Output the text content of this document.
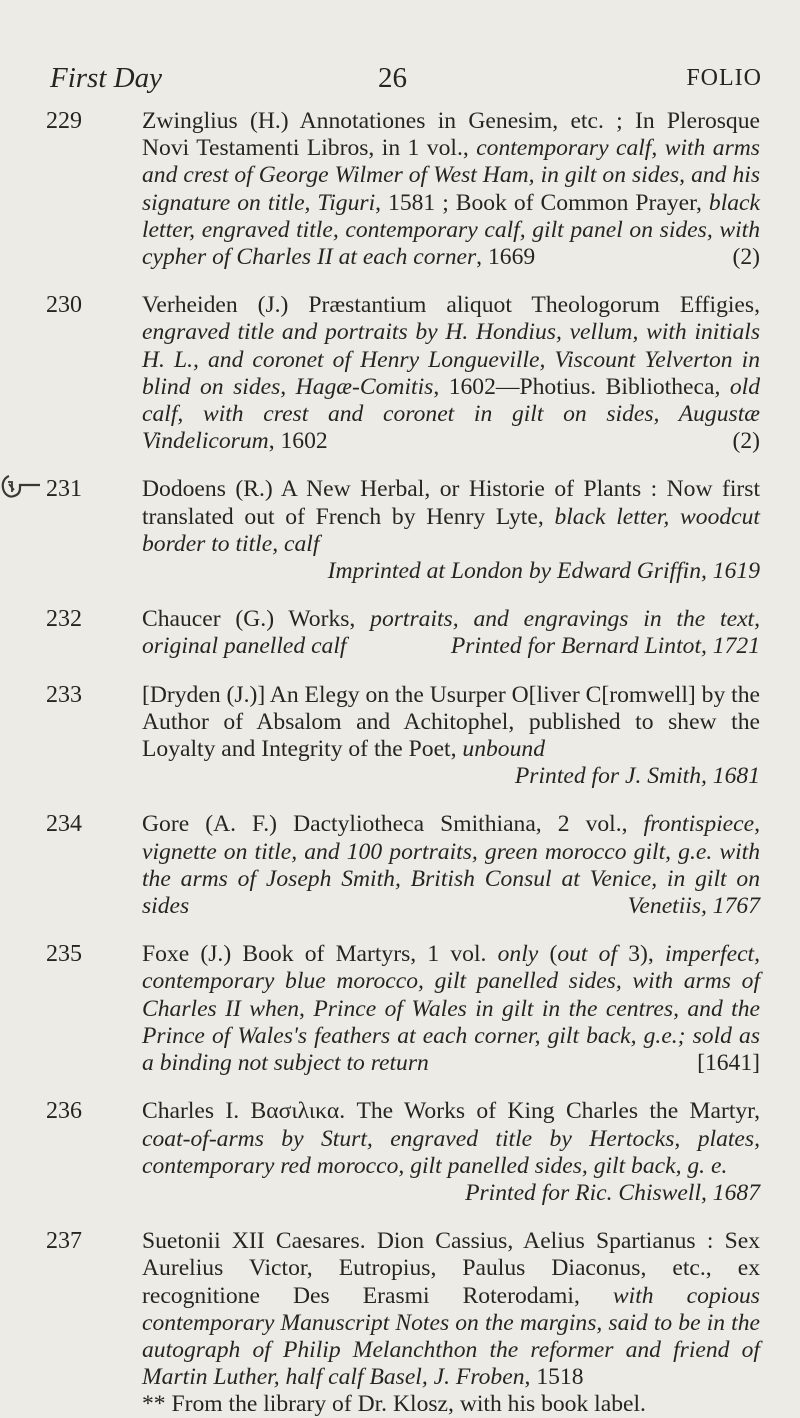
First Day	26	FOLIO
229	Zwinglius (H.) Annotationes in Genesim, etc. ; In Plerosque Novi Testamenti Libros, in 1 vol., contemporary calf, with arms and crest of George Wilmer of West Ham, in gilt on sides, and his signature on title, Tiguri, 1581 ; Book of Common Prayer, black letter, engraved title, contemporary calf, gilt panel on sides, with cypher of Charles II at each corner, 1669	(2)
230	Verheiden (J.) Præstantium aliquot Theologorum Effigies, engraved title and portraits by H. Hondius, vellum, with initials H. L., and coronet of Henry Longueville, Viscount Yelverton in blind on sides, Hagæ-Comitis, 1602—Photius. Bibliotheca, old calf, with crest and coronet in gilt on sides, Augustæ Vindelicorum, 1602	(2)
231	Dodoens (R.) A New Herbal, or Historie of Plants : Now first translated out of French by Henry Lyte, black letter, woodcut border to title, calf
Imprinted at London by Edward Griffin, 1619
232	Chaucer (G.) Works, portraits, and engravings in the text, original panelled calf	Printed for Bernard Lintot, 1721
233	[Dryden (J.)] An Elegy on the Usurper O[liver C[romwell] by the Author of Absalom and Achitophel, published to shew the Loyalty and Integrity of the Poet, unbound
Printed for J. Smith, 1681
234	Gore (A. F.) Dactyliotheca Smithiana, 2 vol., frontispiece, vignette on title, and 100 portraits, green morocco gilt, g.e. with the arms of Joseph Smith, British Consul at Venice, in gilt on sides	Venetiis, 1767
235	Foxe (J.) Book of Martyrs, 1 vol. only (out of 3), imperfect, contemporary blue morocco, gilt panelled sides, with arms of Charles II when, Prince of Wales in gilt in the centres, and the Prince of Wales's feathers at each corner, gilt back, g.e.; sold as a binding not subject to return	[1641]
236	Charles I. Βασιλικα. The Works of King Charles the Martyr, coat-of-arms by Sturt, engraved title by Hertocks, plates, contemporary red morocco, gilt panelled sides, gilt back, g. e.
Printed for Ric. Chiswell, 1687
237	Suetonii XII Caesares. Dion Cassius, Aelius Spartianus : Sex Aurelius Victor, Eutropius, Paulus Diaconus, etc., ex recognitione Des Erasmi Roterodami, with copious contemporary Manuscript Notes on the margins, said to be in the autograph of Philip Melanchthon the reformer and friend of Martin Luther, half calf Basel, J. Froben, 1518
** From the library of Dr. Klosz, with his book label.
